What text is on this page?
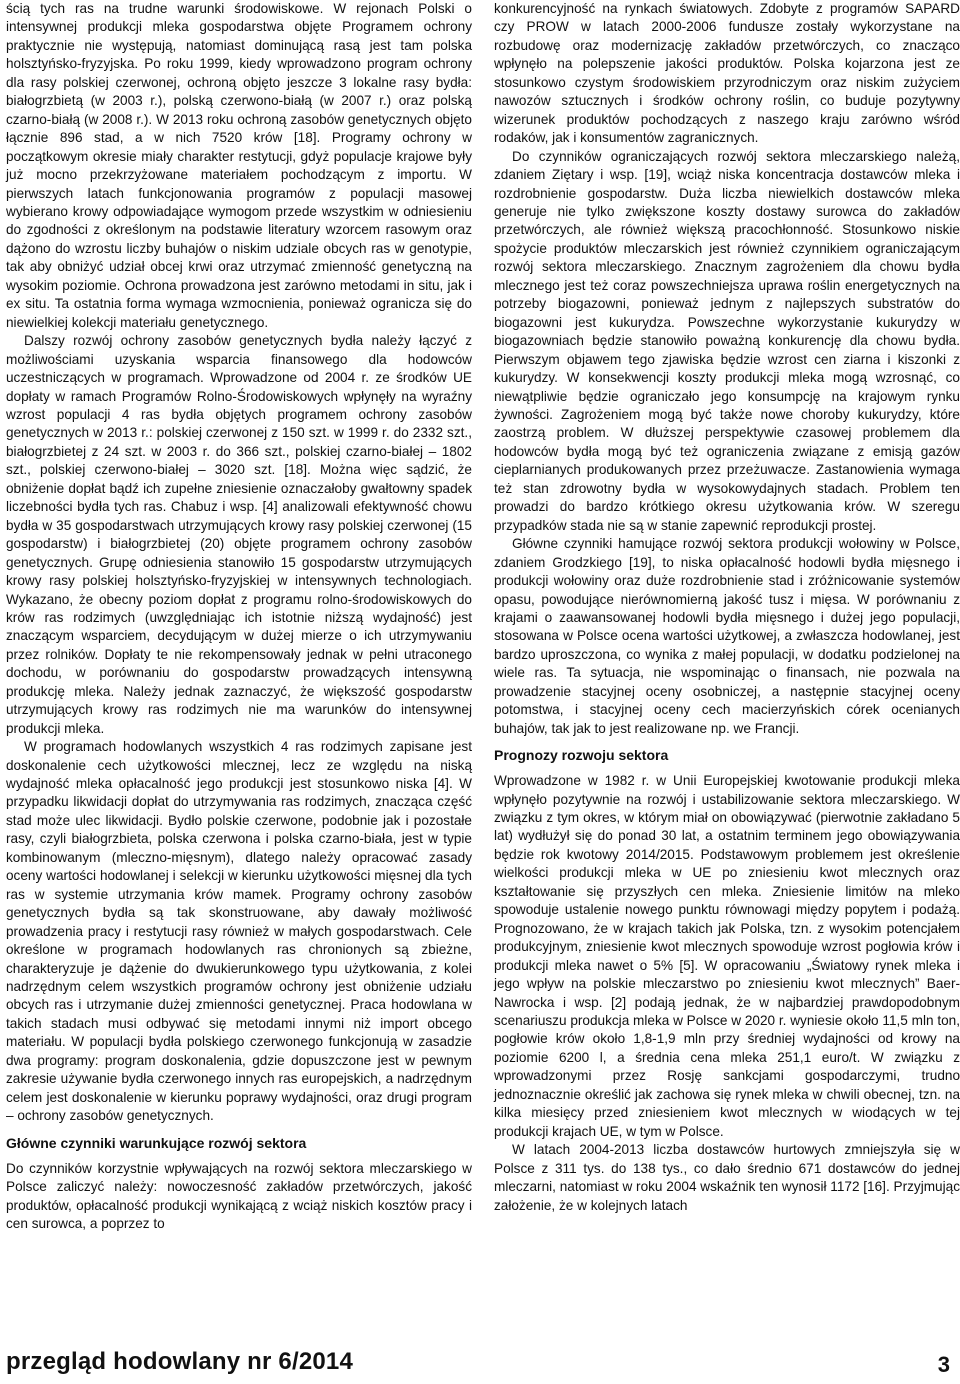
ścią tych ras na trudne warunki środowiskowe. W rejonach Polski o intensywnej produkcji mleka gospodarstwa objęte Programem ochrony praktycznie nie występują, natomiast dominującą rasą jest tam polska holsztyńsko-fryzyjska. Po roku 1999, kiedy wprowadzono program ochrony dla rasy polskiej czerwonej, ochroną objęto jeszcze 3 lokalne rasy bydła: białogrzbietą (w 2003 r.), polską czerwono-białą (w 2007 r.) oraz polską czarno-białą (w 2008 r.). W 2013 roku ochroną zasobów genetycznych objęto łącznie 896 stad, a w nich 7520 krów [18]. Programy ochrony w początkowym okresie miały charakter restytucji, gdyż populacje krajowe były już mocno przekrzyżowane materiałem pochodzącym z importu. W pierwszych latach funkcjonowania programów z populacji masowej wybierano krowy odpowiadające wymogom przede wszystkim w odniesieniu do zgodności z określonym na podstawie literatury wzorcem rasowym oraz dążono do wzrostu liczby buhajów o niskim udziale obcych ras w genotypie, tak aby obniżyć udział obcej krwi oraz utrzymać zmienność genetyczną na wysokim poziomie. Ochrona prowadzona jest zarówno metodami in situ, jak i ex situ. Ta ostatnia forma wymaga wzmocnienia, ponieważ ogranicza się do niewielkiej kolekcji materiału genetycznego.

Dalszy rozwój ochrony zasobów genetycznych bydła należy łączyć z możliwościami uzyskania wsparcia finansowego dla hodowców uczestniczących w programach. Wprowadzone od 2004 r. ze środków UE dopłaty w ramach Programów Rolno-Środowiskowych wpłynęły na wyraźny wzrost populacji 4 ras bydła objętych programem ochrony zasobów genetycznych w 2013 r.: polskiej czerwonej z 150 szt. w 1999 r. do 2332 szt., białogrzbietej z 24 szt. w 2003 r. do 366 szt., polskiej czarno-białej – 1802 szt., polskiej czerwono-białej – 3020 szt. [18]. Można więc sądzić, że obniżenie dopłat bądź ich zupełne zniesienie oznaczałoby gwałtowny spadek liczebności bydła tych ras. Chabuz i wsp. [4] analizowali efektywność chowu bydła w 35 gospodarstwach utrzymujących krowy rasy polskiej czerwonej (15 gospodarstw) i białogrzbietej (20) objęte programem ochrony zasobów genetycznych. Grupę odniesienia stanowiło 15 gospodarstw utrzymujących krowy rasy polskiej holsztyńsko-fryzyjskiej w intensywnych technologiach. Wykazano, że obecny poziom dopłat z programu rolno-środowiskowych do krów ras rodzimych (uwzględniając ich istotnie niższą wydajność) jest znaczącym wsparciem, decydującym w dużej mierze o ich utrzymywaniu przez rolników. Dopłaty te nie rekompensowały jednak w pełni utraconego dochodu, w porównaniu do gospodarstw prowadzących intensywną produkcję mleka. Należy jednak zaznaczyć, że większość gospodarstw utrzymujących krowy ras rodzimych nie ma warunków do intensywnej produkcji mleka.

W programach hodowlanych wszystkich 4 ras rodzimych zapisane jest doskonalenie cech użytkowości mlecznej, lecz ze względu na niską wydajność mleka opłacalność jego produkcji jest stosunkowo niska [4]. W przypadku likwidacji dopłat do utrzymywania ras rodzimych, znacząca część stad może ulec likwidacji. Bydło polskie czerwone, podobnie jak i pozostałe rasy, czyli białogrzbieta, polska czerwona i polska czarno-biała, jest w typie kombinowanym (mleczno-mięsnym), dlatego należy opracować zasady oceny wartości hodowlanej i selekcji w kierunku użytkowości mięsnej dla tych ras w systemie utrzymania krów mamek. Programy ochrony zasobów genetycznych bydła są tak skonstruowane, aby dawały możliwość prowadzenia pracy i restytucji rasy również w małych gospodarstwach. Cele określone w programach hodowlanych ras chronionych są zbieżne, charakteryzuje je dążenie do dwukierunkowego typu użytkowania, z kolei nadrzędnym celem wszystkich programów ochrony jest obniżenie udziału obcych ras i utrzymanie dużej zmienności genetycznej. Praca hodowlana w takich stadach musi odbywać się metodami innymi niż import obcego materiału. W populacji bydła polskiego czerwonego funkcjonują w zasadzie dwa programy: program doskonalenia, gdzie dopuszczone jest w pewnym zakresie używanie bydła czerwonego innych ras europejskich, a nadrzędnym celem jest doskonalenie w kierunku poprawy wydajności, oraz drugi program – ochrony zasobów genetycznych.

Główne czynniki warunkujące rozwój sektora

Do czynników korzystnie wpływających na rozwój sektora mleczarskiego w Polsce zaliczyć należy: nowoczesność zakładów przetwórczych, jakość produktów, opłacalność produkcji wynikającą z wciąż niskich kosztów pracy i cen surowca, a poprzez to

konkurencyjność na rynkach światowych. Zdobyte z programów SAPARD czy PROW w latach 2000-2006 fundusze zostały wykorzystane na rozbudowę oraz modernizację zakładów przetwórczych, co znacząco wpłynęło na polepszenie jakości produktów. Polska kojarzona jest ze stosunkowo czystym środowiskiem przyrodniczym oraz niskim zużyciem nawozów sztucznych i środków ochrony roślin, co buduje pozytywny wizerunek produktów pochodzących z naszego kraju zarówno wśród rodaków, jak i konsumentów zagranicznych.

Do czynników ograniczających rozwój sektora mleczarskiego należą, zdaniem Ziętary i wsp. [19], wciąż niska koncentracja dostawców mleka i rozdrobnienie gospodarstw. Duża liczba niewielkich dostawców mleka generuje nie tylko zwiększone koszty dostawy surowca do zakładów przetwórczych, ale również większą pracochłonność. Stosunkowo niskie spożycie produktów mleczarskich jest również czynnikiem ograniczającym rozwój sektora mleczarskiego. Znacznym zagrożeniem dla chowu bydła mlecznego jest też coraz powszechniejsza uprawa roślin energetycznych na potrzeby biogazowni, ponieważ jednym z najlepszych substratów do biogazowni jest kukurydza. Powszechne wykorzystanie kukurydzy w biogazowniach będzie stanowiło poważną konkurencję dla chowu bydła. Pierwszym objawem tego zjawiska będzie wzrost cen ziarna i kiszonki z kukurydzy. W konsekwencji koszty produkcji mleka mogą wzrosnąć, co niewątpliwie będzie ograniczało jego konsumpcję na krajowym rynku żywności. Zagrożeniem mogą być także nowe choroby kukurydzy, które zaostrzą problem. W dłuższej perspektywie czasowej problemem dla hodowców bydła mogą być też ograniczenia związane z emisją gazów cieplarnianych produkowanych przez przeżuwacze. Zastanowienia wymaga też stan zdrowotny bydła w wysokowydajnych stadach. Problem ten prowadzi do bardzo krótkiego okresu użytkowania krów. W szeregu przypadków stada nie są w stanie zapewnić reprodukcji prostej.

Główne czynniki hamujące rozwój sektora produkcji wołowiny w Polsce, zdaniem Grodzkiego [19], to niska opłacalność hodowli bydła mięsnego i produkcji wołowiny oraz duże rozdrobnienie stad i zróżnicowanie systemów opasu, powodujące nierównomierną jakość tusz i mięsa. W porównaniu z krajami o zaawansowanej hodowli bydła mięsnego i dużej jego populacji, stosowana w Polsce ocena wartości użytkowej, a zwłaszcza hodowlanej, jest bardzo uproszczona, co wynika z małej populacji, w dodatku podzielonej na wiele ras. Ta sytuacja, nie wspominając o finansach, nie pozwala na prowadzenie stacyjnej oceny osobniczej, a następnie stacyjnej oceny potomstwa, i stacyjnej oceny cech macierzyńskich córek ocenianych buhajów, tak jak to jest realizowane np. we Francji.

Prognozy rozwoju sektora

Wprowadzone w 1982 r. w Unii Europejskiej kwotowanie produkcji mleka wpłynęło pozytywnie na rozwój i ustabilizowanie sektora mleczarskiego. W związku z tym okres, w którym miał on obowiązywać (pierwotnie zakładano 5 lat) wydłużył się do ponad 30 lat, a ostatnim terminem jego obowiązywania będzie rok kwotowy 2014/2015. Podstawowym problemem jest określenie wielkości produkcji mleka w UE po zniesieniu kwot mlecznych oraz kształtowanie się przyszłych cen mleka. Zniesienie limitów na mleko spowoduje ustalenie nowego punktu równowagi między popytem i podażą. Prognozowano, że w krajach takich jak Polska, tzn. z wysokim potencjałem produkcyjnym, zniesienie kwot mlecznych spowoduje wzrost pogłowia krów i produkcji mleka nawet o 5% [5]. W opracowaniu „Światowy rynek mleka i jego wpływ na polskie mleczarstwo po zniesieniu kwot mlecznych” Baer-Nawrocka i wsp. [2] podają jednak, że w najbardziej prawdopodobnym scenariuszu produkcja mleka w Polsce w 2020 r. wyniesie około 11,5 mln ton, pogłowie krów około 1,8-1,9 mln przy średniej wydajności od krowy na poziomie 6200 l, a średnia cena mleka 251,1 euro/t. W związku z wprowadzonymi przez Rosję sankcjami gospodarczymi, trudno jednoznacznie określić jak zachowa się rynek mleka w chwili obecnej, tzn. na kilka miesięcy przed zniesieniem kwot mlecznych w wiodących w tej produkcji krajach UE, w tym w Polsce.

W latach 2004-2013 liczba dostawców hurtowych zmniejszyła się w Polsce z 311 tys. do 138 tys., co dało średnio 671 dostawców do jednej mleczarni, natomiast w roku 2004 wskaźnik ten wynosił 1172 [16]. Przyjmując założenie, że w kolejnych latach

przegląd hodowlany nr 6/2014	3
